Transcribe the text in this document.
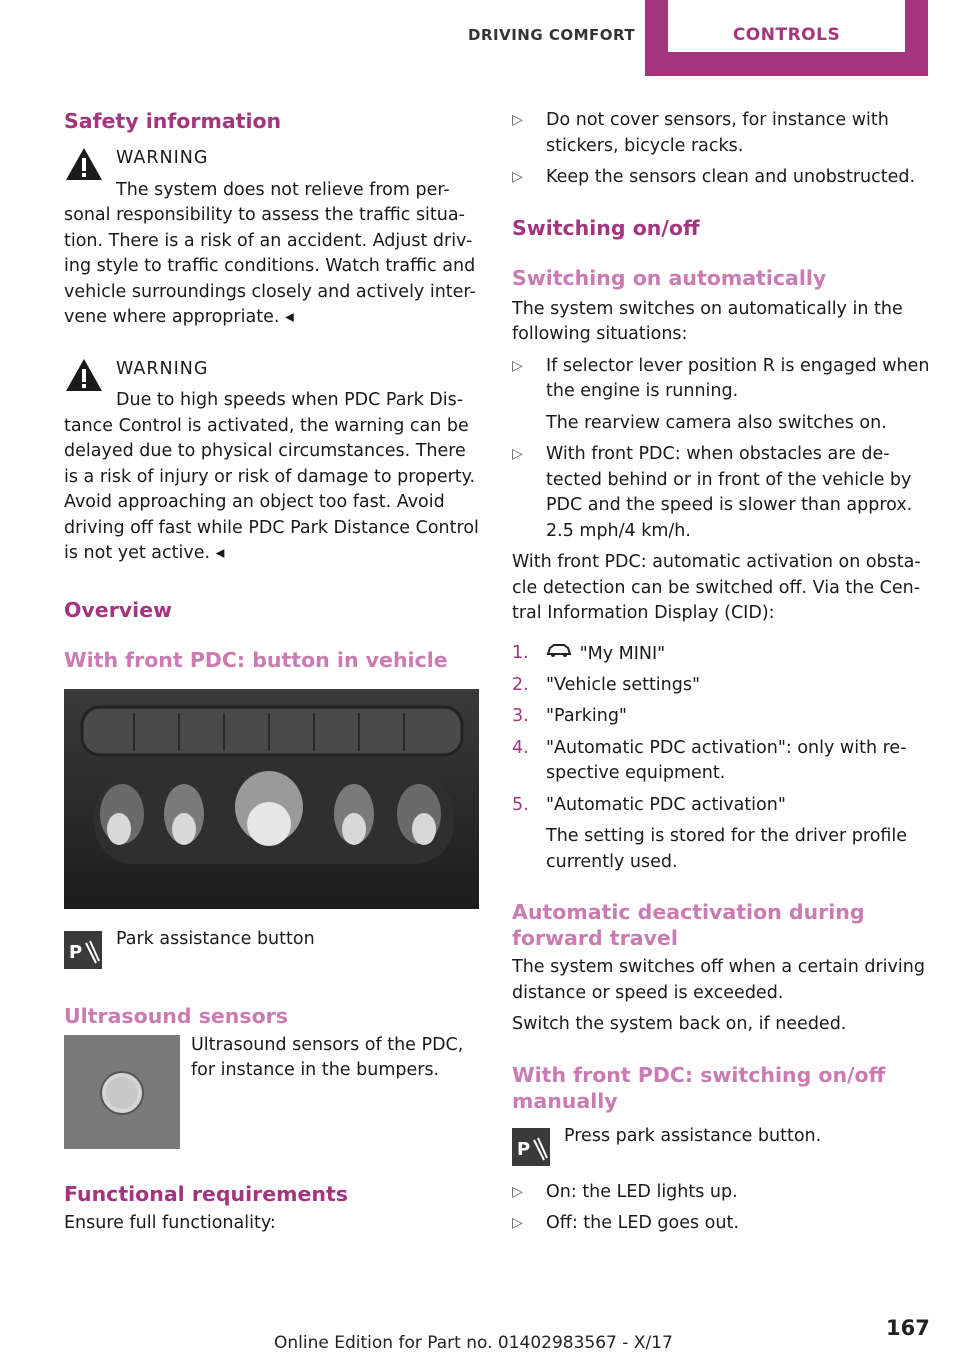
DRIVING COMFORT	CONTROLS
Safety information

WARNING

The system does not relieve from per-

sonal responsibility to assess the traffic situa-tion. There is a risk of an accident. Adjust driv-ing style to traffic conditions. Watch traffic and vehicle surroundings closely and actively inter-vene where appropriate. ◂

WARNING

Due to high speeds when PDC Park Dis-

tance Control is activated, the warning can be delayed due to physical circumstances. There is a risk of injury or risk of damage to property. Avoid approaching an object too fast. Avoid driving off fast while PDC Park Distance Control is not yet active. ◂

Overview
With front PDC: button in vehicle
P

Park assistance button

Ultrasound sensors

Ultrasound sensors of the PDC, for instance in the bumpers.

Functional requirements

Ensure full functionality:

▷ Do not cover sensors, for instance with stickers, bicycle racks.

▷ Keep the sensors clean and unobstructed.

Switching on/off
Switching on automatically

The system switches on automatically in the following situations:

▷ If selector lever position R is engaged when the engine is running.

The rearview camera also switches on.

▷ With front PDC: when obstacles are de-tected behind or in front of the vehicle by PDC and the speed is slower than approx. 2.5 mph/4 km/h.

With front PDC: automatic activation on obsta-cle detection can be switched off. Via the Cen-tral Information Display (CID):

1.	"My MINI"
2. "Vehicle settings"

3. "Parking"

4. "Automatic PDC activation": only with re-spective equipment.

5. "Automatic PDC activation"

The setting is stored for the driver profile currently used.

Automatic deactivation during forward travel

The system switches off when a certain driving distance or speed is exceeded.

Switch the system back on, if needed.

With front PDC: switching on/off manually
P

Press park assistance button.

▷ On: the LED lights up.

▷ Off: the LED goes out.

167
Online Edition for Part no. 01402983567 - X/17
